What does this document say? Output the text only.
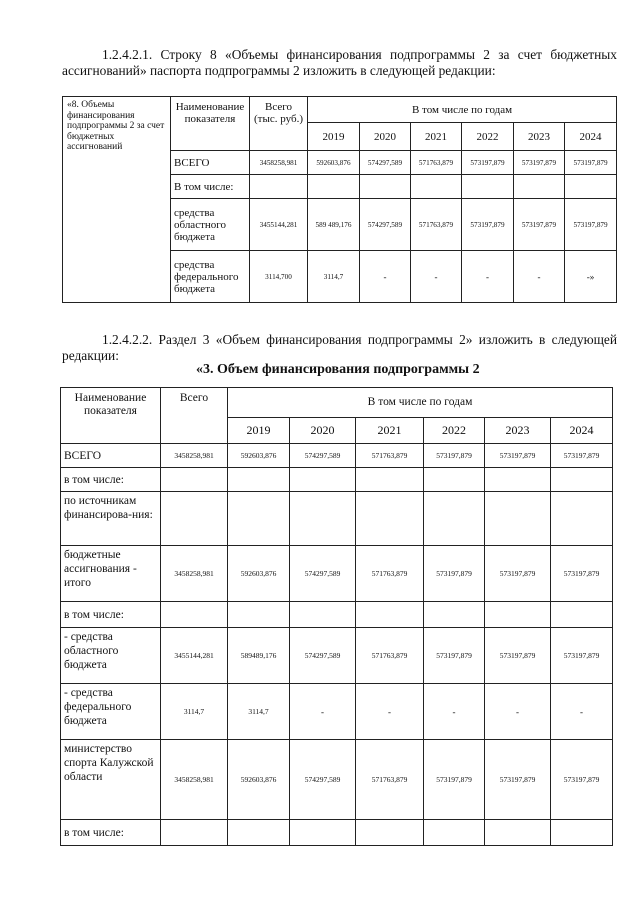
1.2.4.2.1. Строку 8 «Объемы финансирования подпрограммы 2 за счет бюджетных ассигнований» паспорта подпрограммы 2 изложить в следующей редакции:

«8. Объемы финансирования подпрограммы 2 за счет бюджетных ассигнований	Наименование показателя	Всего (тыс. руб.)	В том числе по годам					
			2019	2020	2021	2022	2023	2024
	ВСЕГО	3458258,981	592603,876	574297,589	571763,879	573197,879	573197,879	573197,879
	В том числе:							
	средства областного бюджета	3455144,281	589 489,176	574297,589	571763,879	573197,879	573197,879	573197,879
	средства федерального бюджета	3114,700	3114,7	-	-	-	-	-»

1.2.4.2.2. Раздел 3 «Объем финансирования подпрограммы 2» изложить в следующей редакции:

«3. Объем финансирования подпрограммы 2

Наименование показателя	Всего	В том числе по годам					
		2019	2020	2021	2022	2023	2024
ВСЕГО	3458258,981	592603,876	574297,589	571763,879	573197,879	573197,879	573197,879
в том числе:							
по источникам финансирова-ния:							
бюджетные ассигнования - итого	3458258,981	592603,876	574297,589	571763,879	573197,879	573197,879	573197,879
в том числе:							
- средства областного бюджета	3455144,281	589489,176	574297,589	571763,879	573197,879	573197,879	573197,879
- средства федерального бюджета	3114,7	3114,7	-	-	-	-	-
министерство спорта Калужской области	3458258,981	592603,876	574297,589	571763,879	573197,879	573197,879	573197,879
в том числе:							
